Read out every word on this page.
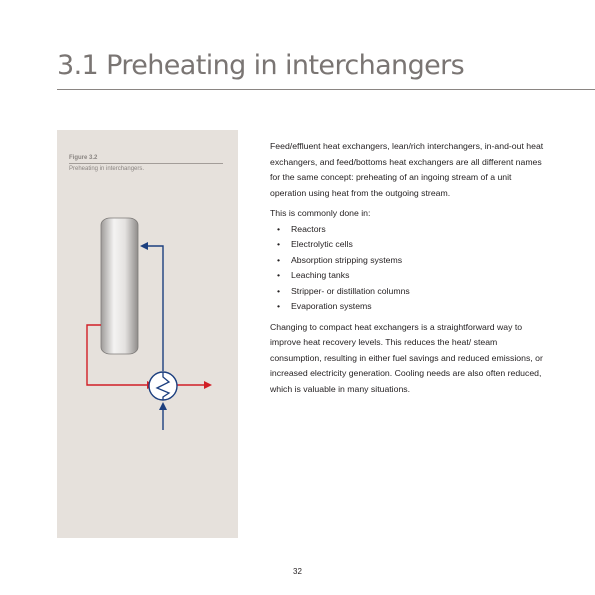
3.1 Preheating in interchangers
Figure 3.2
Preheating in interchangers.

Feed/effluent heat exchangers, lean/rich interchangers, in-and-out heat exchangers, and feed/bottoms heat exchangers are all different names for the same concept: preheating of an ingoing stream of a unit operation using heat from the outgoing stream.

This is commonly done in:

• Reactors
• Electrolytic cells
• Absorption stripping systems
• Leaching tanks
• Stripper- or distillation columns
• Evaporation systems

Changing to compact heat exchangers is a straightforward way to improve heat recovery levels. This reduces the heat/ steam consumption, resulting in either fuel savings and reduced emissions, or increased electricity generation. Cooling needs are also often reduced, which is valuable in many situations.

32
